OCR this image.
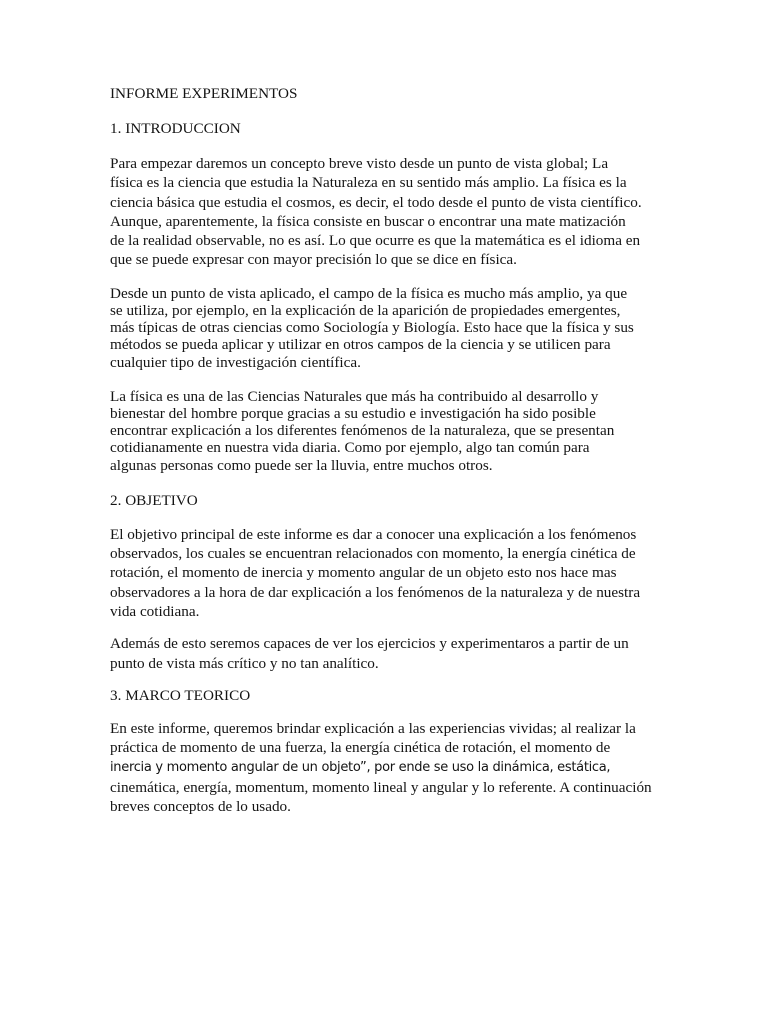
INFORME EXPERIMENTOS
1. INTRODUCCION

Para empezar daremos un concepto breve visto desde un punto de vista global; La física es la ciencia que estudia la Naturaleza en su sentido más amplio. La física es la ciencia básica que estudia el cosmos, es decir, el todo desde el punto de vista científico. Aunque, aparentemente, la física consiste en buscar o encontrar una mate matización de la realidad observable, no es así. Lo que ocurre es que la matemática es el idioma en que se puede expresar con mayor precisión lo que se dice en física.

Desde un punto de vista aplicado, el campo de la física es mucho más amplio, ya que se utiliza, por ejemplo, en la explicación de la aparición de propiedades emergentes, más típicas de otras ciencias como Sociología y Biología. Esto hace que la física y sus métodos se pueda aplicar y utilizar en otros campos de la ciencia y se utilicen para cualquier tipo de investigación científica.

La física es una de las Ciencias Naturales que más ha contribuido al desarrollo y bienestar del hombre porque gracias a su estudio e investigación ha sido posible encontrar explicación a los diferentes fenómenos de la naturaleza, que se presentan cotidianamente en nuestra vida diaria. Como por ejemplo, algo tan común para algunas personas como puede ser la lluvia, entre muchos otros.

2. OBJETIVO

El objetivo principal de este informe es dar a conocer una explicación a los fenómenos observados, los cuales se encuentran relacionados con momento, la energía cinética de rotación, el momento de inercia y momento angular de un objeto esto nos hace mas observadores a la hora de dar explicación a los fenómenos de la naturaleza y de nuestra vida cotidiana.

Además de esto seremos capaces de ver los ejercicios y experimentaros a partir de un punto de vista más crítico y no tan analítico.

3. MARCO TEORICO

En este informe, queremos brindar explicación a las experiencias vividas; al realizar la práctica de momento de una fuerza, la energía cinética de rotación, el momento de
inercia y momento angular de un objeto”, por ende se uso la dinámica, estática,
cinemática, energía, momentum, momento lineal y angular y lo referente. A continuación breves conceptos de lo usado.
